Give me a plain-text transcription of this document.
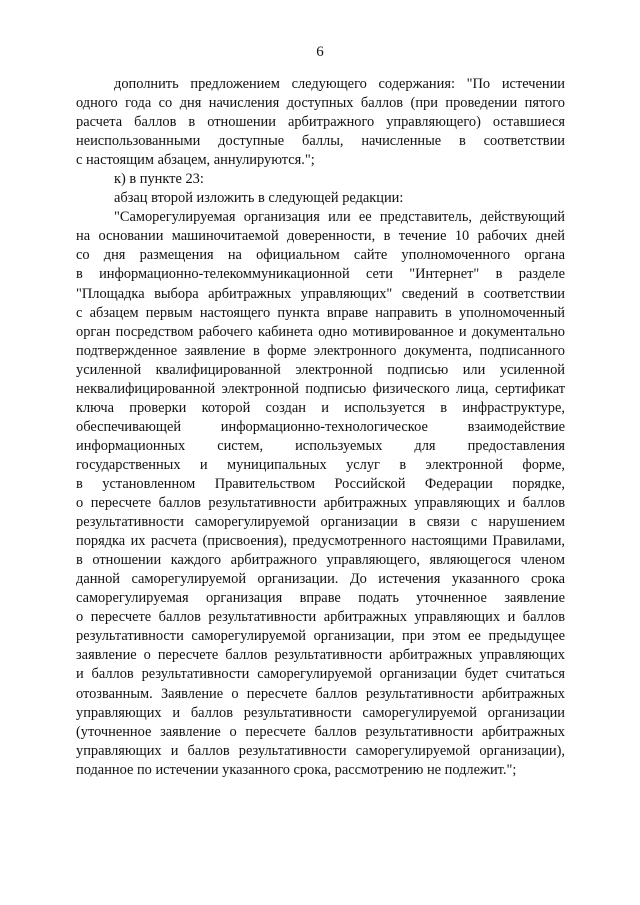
6
дополнить предложением следующего содержания: "По истечении
одного года со дня начисления доступных баллов (при проведении пятого
расчета баллов в отношении арбитражного управляющего) оставшиеся
неиспользованными доступные баллы, начисленные в соответствии
с настоящим абзацем, аннулируются.";
к) в пункте 23:
абзац второй изложить в следующей редакции:
"Саморегулируемая организация или ее представитель, действующий
на основании машиночитаемой доверенности, в течение 10 рабочих дней
со дня размещения на официальном сайте уполномоченного органа
в информационно-телекоммуникационной сети "Интернет" в разделе
"Площадка выбора арбитражных управляющих" сведений в соответствии
с абзацем первым настоящего пункта вправе направить в уполномоченный
орган посредством рабочего кабинета одно мотивированное и документально
подтвержденное заявление в форме электронного документа, подписанного
усиленной квалифицированной электронной подписью или усиленной
неквалифицированной электронной подписью физического лица, сертификат
ключа проверки которой создан и используется в инфраструктуре,
обеспечивающей информационно-технологическое взаимодействие
информационных систем, используемых для предоставления
государственных и муниципальных услуг в электронной форме,
в установленном Правительством Российской Федерации порядке,
о пересчете баллов результативности арбитражных управляющих и баллов
результативности саморегулируемой организации в связи с нарушением
порядка их расчета (присвоения), предусмотренного настоящими Правилами,
в отношении каждого арбитражного управляющего, являющегося членом
данной саморегулируемой организации. До истечения указанного срока
саморегулируемая организация вправе подать уточненное заявление
о пересчете баллов результативности арбитражных управляющих и баллов
результативности саморегулируемой организации, при этом ее предыдущее
заявление о пересчете баллов результативности арбитражных управляющих
и баллов результативности саморегулируемой организации будет считаться
отозванным. Заявление о пересчете баллов результативности арбитражных
управляющих и баллов результативности саморегулируемой организации
(уточненное заявление о пересчете баллов результативности арбитражных
управляющих и баллов результативности саморегулируемой организации),
поданное по истечении указанного срока, рассмотрению не подлежит.";
